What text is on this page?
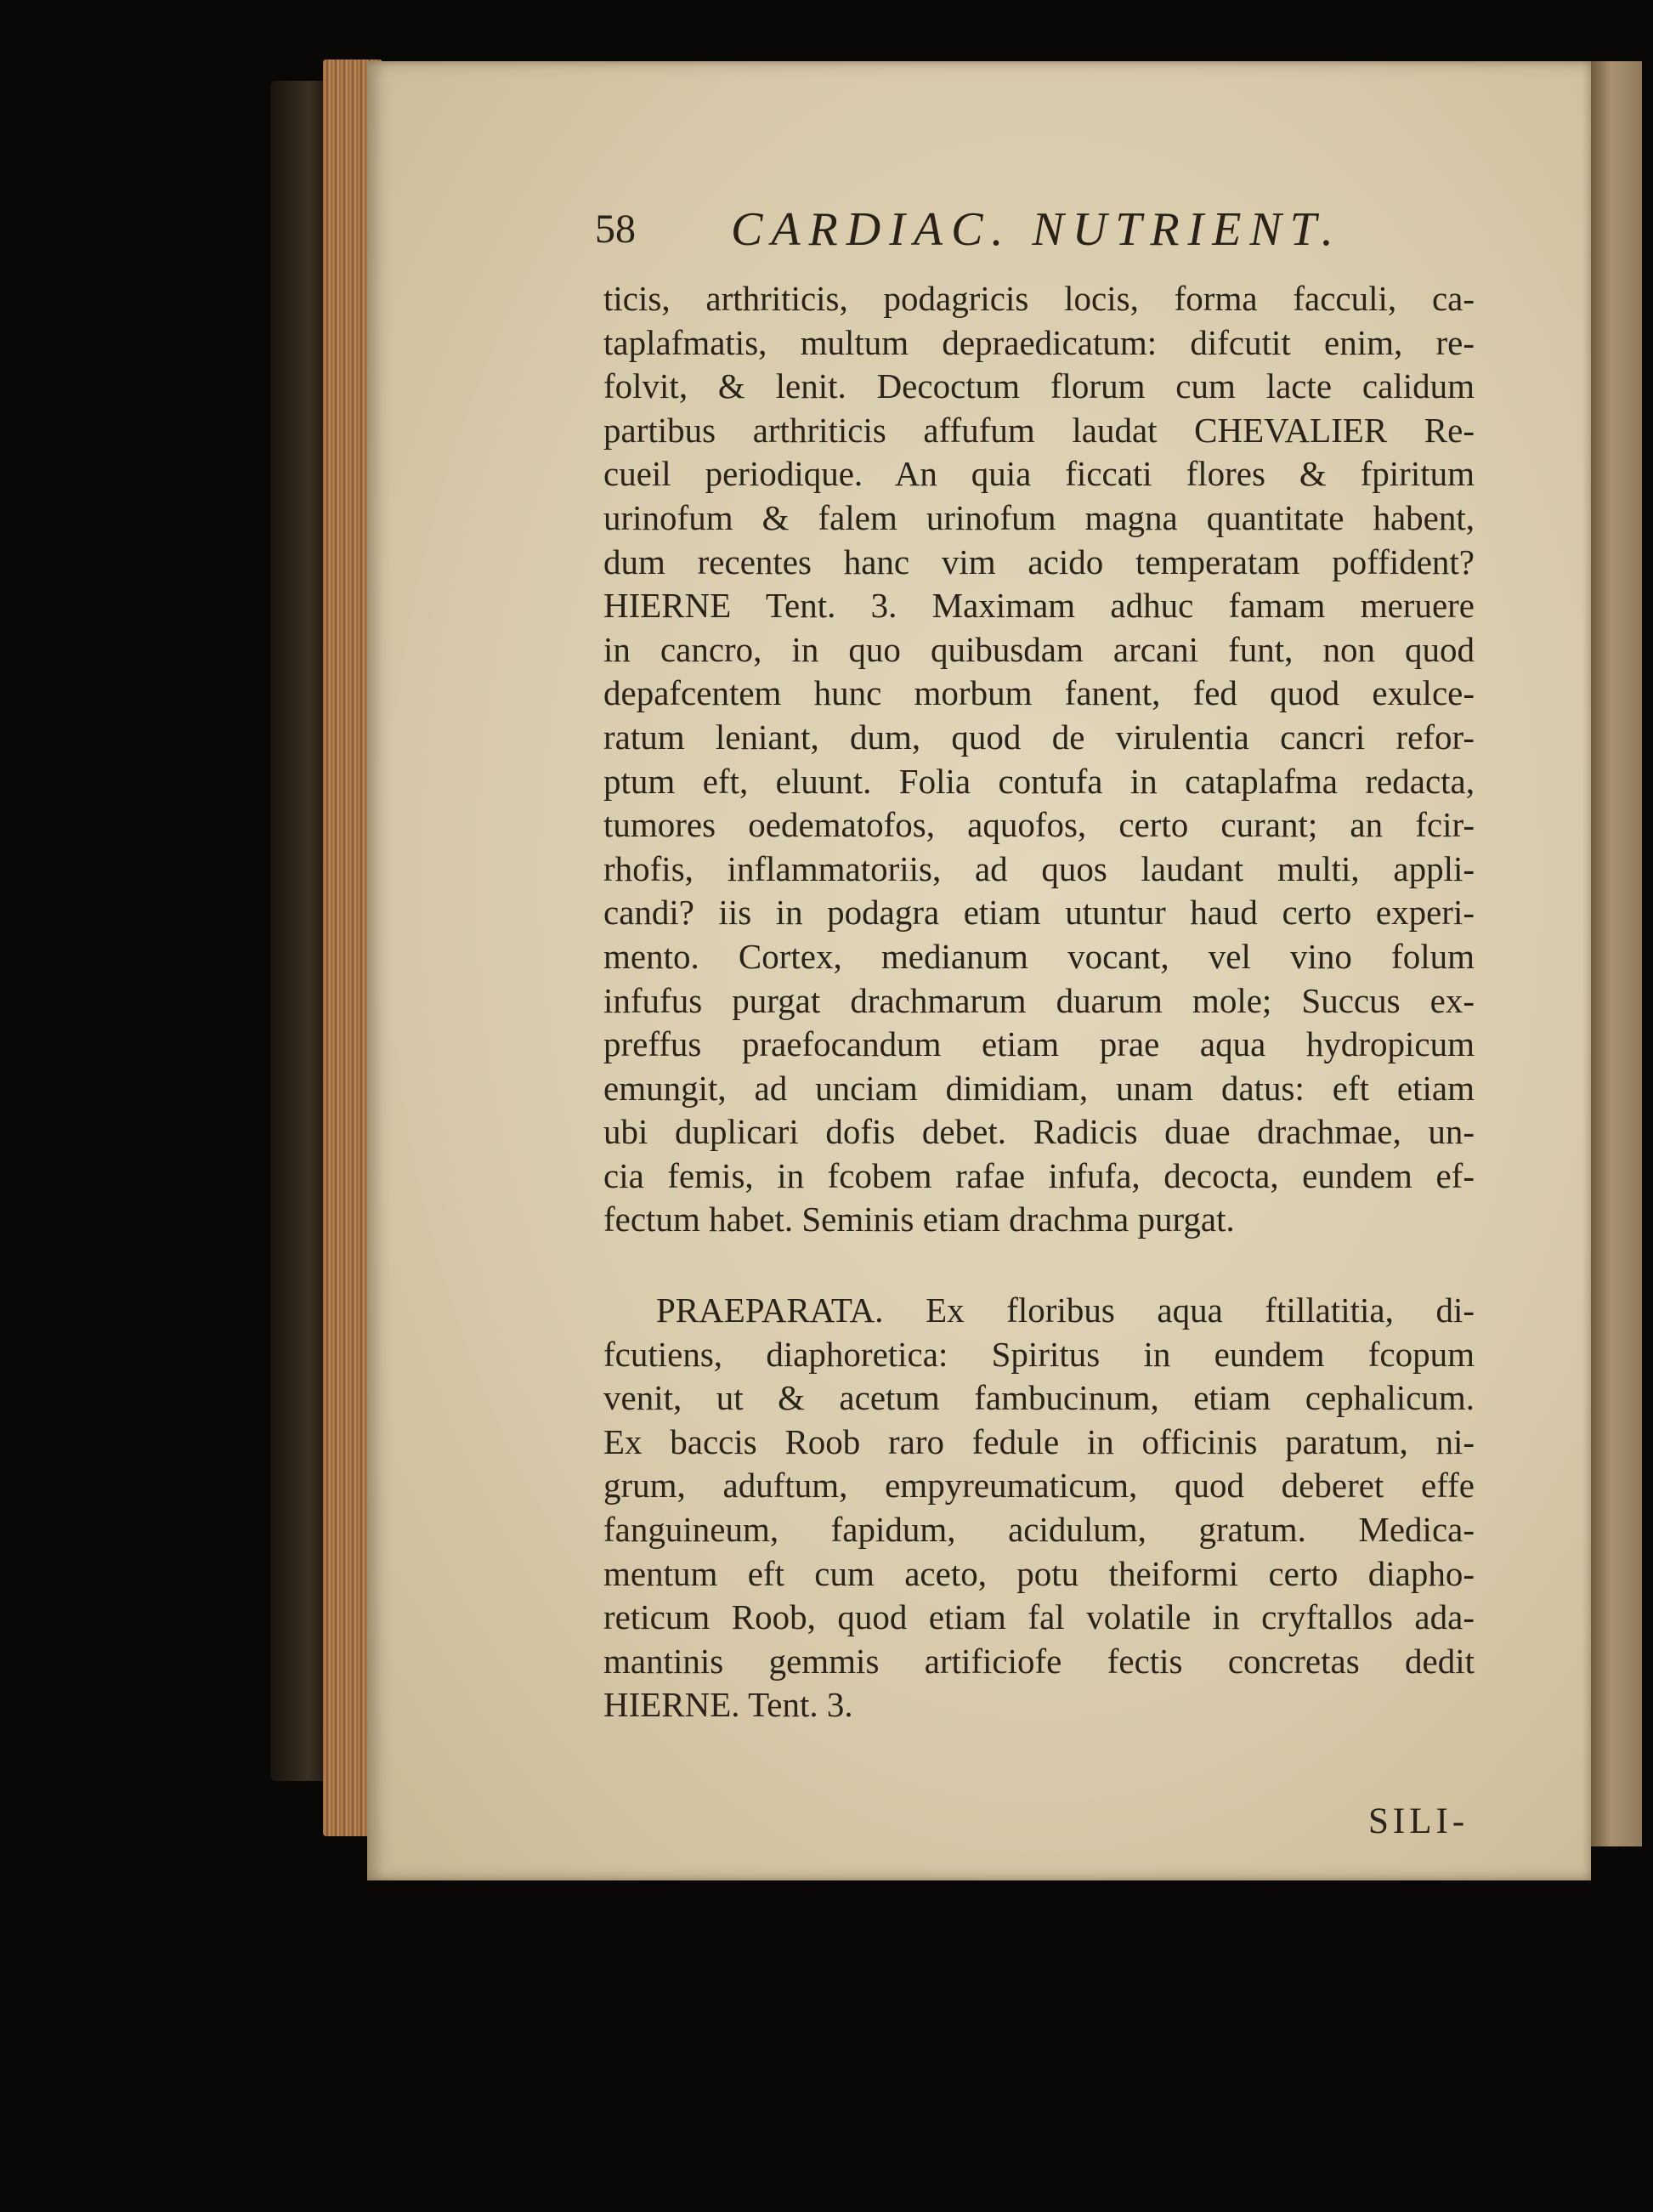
58 CARDIAC. NUTRIENT.
ticis, arthriticis, podagricis locis, forma facculi, ca-
taplafmatis, multum depraedicatum: difcutit enim, re-
folvit, & lenit. Decoctum florum cum lacte calidum
partibus arthriticis affufum laudat CHEVALIER Re-
cueil periodique. An quia ficcati flores & fpiritum
urinofum & falem urinofum magna quantitate habent,
dum recentes hanc vim acido temperatam poffident?
HIERNE Tent. 3. Maximam adhuc famam meruere
in cancro, in quo quibusdam arcani funt, non quod
depafcentem hunc morbum fanent, fed quod exulce-
ratum leniant, dum, quod de virulentia cancri refor-
ptum eft, eluunt. Folia contufa in cataplafma redacta,
tumores oedematofos, aquofos, certo curant; an fcir-
rhofis, inflammatoriis, ad quos laudant multi, appli-
candi? iis in podagra etiam utuntur haud certo experi-
mento. Cortex, medianum vocant, vel vino folum
infufus purgat drachmarum duarum mole; Succus ex-
preffus praefocandum etiam prae aqua hydropicum
emungit, ad unciam dimidiam, unam datus: eft etiam
ubi duplicari dofis debet. Radicis duae drachmae, un-
cia femis, in fcobem rafae infufa, decocta, eundem ef-
fectum habet. Seminis etiam drachma purgat.
PRAEPARATA. Ex floribus aqua ftillatitia, di-
fcutiens, diaphoretica: Spiritus in eundem fcopum
venit, ut & acetum fambucinum, etiam cephalicum.
Ex baccis Roob raro fedule in officinis paratum, ni-
grum, aduftum, empyreumaticum, quod deberet effe
fanguineum, fapidum, acidulum, gratum. Medica-
mentum eft cum aceto, potu theiformi certo diapho-
reticum Roob, quod etiam fal volatile in cryftallos ada-
mantinis gemmis artificiofe fectis concretas dedit
HIERNE. Tent. 3.
SILI-
